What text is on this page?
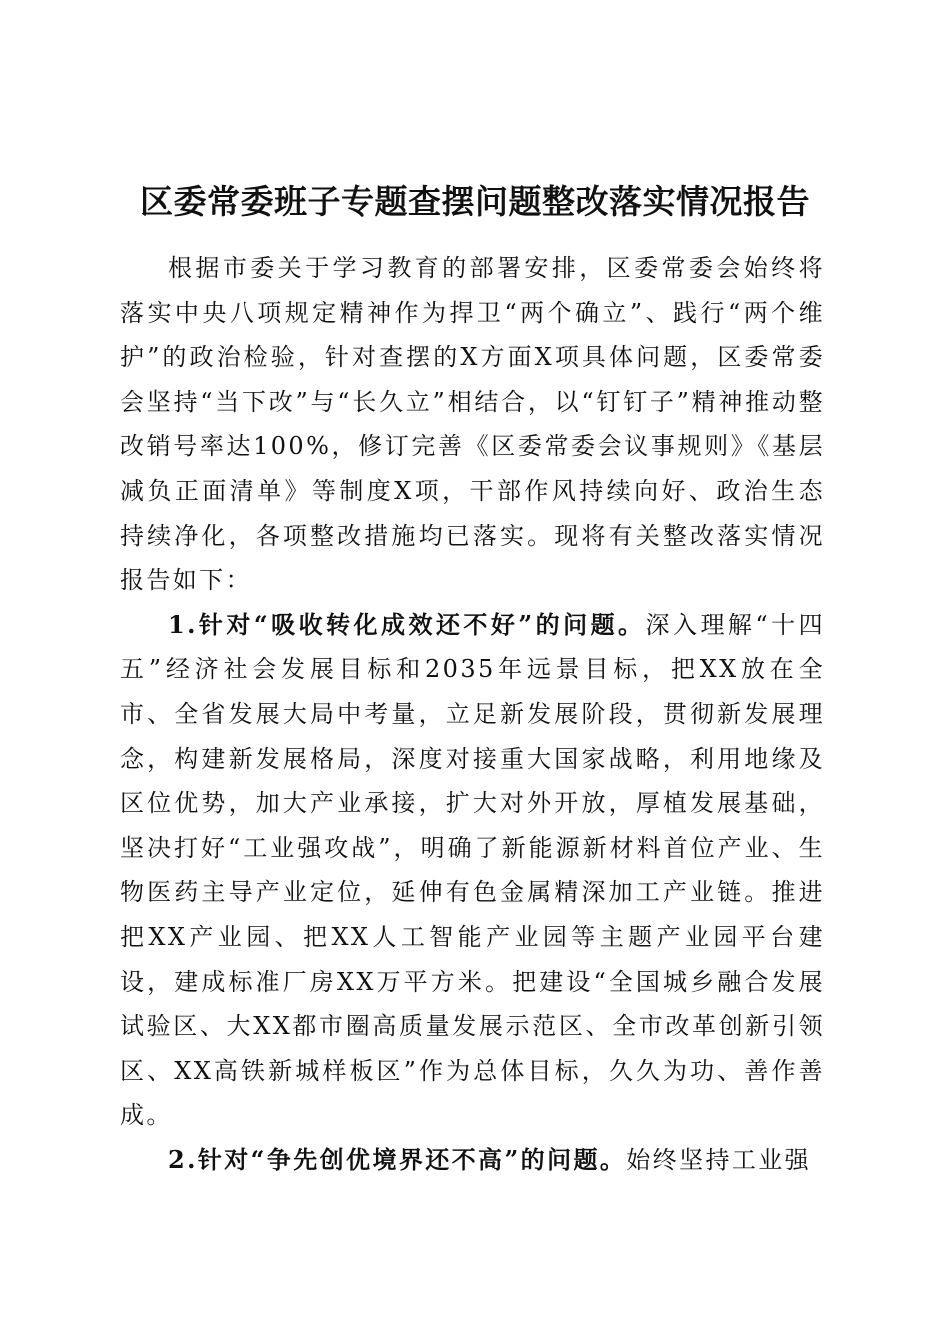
区委常委班子专题查摆问题整改落实情况报告

根据市委关于学习教育的部署安排，区委常委会始终将落实中央八项规定精神作为捍卫“两个确立”、践行“两个维护”的政治检验，针对查摆的X方面X项具体问题，区委常委会坚持“当下改”与“长久立”相结合，以“钉钉子”精神推动整改销号率达100%，修订完善《区委常委会议事规则》《基层减负正面清单》等制度X项，干部作风持续向好、政治生态持续净化，各项整改措施均已落实。现将有关整改落实情况报告如下：

1.针对“吸收转化成效还不好”的问题。深入理解“十四五”经济社会发展目标和2035年远景目标，把XX放在全市、全省发展大局中考量，立足新发展阶段，贯彻新发展理念，构建新发展格局，深度对接重大国家战略，利用地缘及区位优势，加大产业承接，扩大对外开放，厚植发展基础，坚决打好“工业强攻战”，明确了新能源新材料首位产业、生物医药主导产业定位，延伸有色金属精深加工产业链。推进把XX产业园、把XX人工智能产业园等主题产业园平台建设，建成标准厂房XX万平方米。把建设“全国城乡融合发展试验区、大XX都市圈高质量发展示范区、全市改革创新引领区、XX高铁新城样板区”作为总体目标，久久为功、善作善成。

2.针对“争先创优境界还不高”的问题。始终坚持工业强
